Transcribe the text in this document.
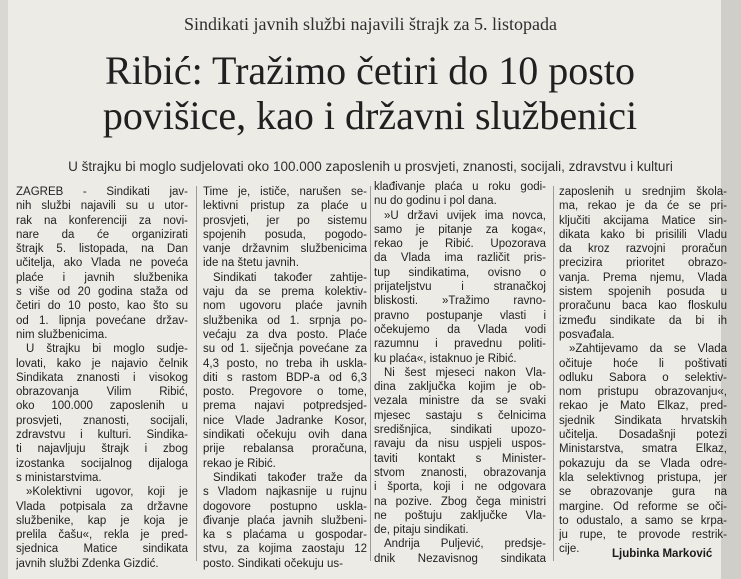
Sindikati javnih službi najavili štrajk za 5. listopada
Ribić: Tražimo četiri do 10 posto
povišice, kao i državni službenici
U štrajku bi moglo sudjelovati oko 100.000 zaposlenih u prosvjeti, znanosti, socijali, zdravstvu i kulturi
ZAGREB - Sindikati jav-
nih službi najavili su u utor-
rak na konferenciji za novi-
nare da će organizirati
štrajk 5. listopada, na Dan
učitelja, ako Vlada ne poveća
plaće i javnih službenika
s više od 20 godina staža od
četiri do 10 posto, kao što su
od 1. lipnja povećane držav-
nim službenicima.
U štrajku bi moglo sudje-
lovati, kako je najavio čelnik
Sindikata znanosti i visokog
obrazovanja Vilim Ribić,
oko 100.000 zaposlenih u
prosvjeti, znanosti, socijali,
zdravstvu i kulturi. Sindika-
ti najavljuju štrajk i zbog
izostanka socijalnog dijaloga
s ministarstvima.
»Kolektivni ugovor, koji je
Vlada potpisala za državne
službenike, kap je koja je
prelila čašu«, rekla je pred-
sjednica Matice sindikata
javnih službi Zdenka Gizdić.
Time je, ističe, narušen se-
lektivni pristup za plaće u
prosvjeti, jer po sistemu
spojenih posuda, pogodo-
vanje državnim službenicima
ide na štetu javnih.
Sindikati također zahtije-
vaju da se prema kolektiv-
nom ugovoru plaće javnih
službenika od 1. srpnja po-
većaju za dva posto. Plaće
su od 1. siječnja povećane za
4,3 posto, no treba ih uskla-
diti s rastom BDP-a od 6,3
posto. Pregovore o tome,
prema najavi potpredsjed-
nice Vlade Jadranke Kosor,
sindikati očekuju ovih dana
prije rebalansa proračuna,
rekao je Ribić.
Sindikati također traže da
s Vladom najkasnije u rujnu
dogovore postupno uskla-
đivanje plaća javnih službeni-
ka s plaćama u gospodar-
stvu, za kojima zaostaju 12
posto. Sindikati očekuju us-
klađivanje plaća u roku godi-
nu do godinu i pol dana.
»U državi uvijek ima novca,
samo je pitanje za koga«,
rekao je Ribić. Upozorava
da Vlada ima različit pris-
tup sindikatima, ovisno o
prijateljstvu i stranačkoj
bliskosti. »Tražimo ravno-
pravno postupanje vlasti i
očekujemo da Vlada vodi
razumnu i pravednu politi-
ku plaća«, istaknuo je Ribić.
Ni šest mjeseci nakon Vla-
dina zaključka kojim je ob-
vezala ministre da se svaki
mjesec sastaju s čelnicima
središnjica, sindikati upozo-
ravaju da nisu uspjeli uspos-
taviti kontakt s Minister-
stvom znanosti, obrazovanja
i športa, koji i ne odgovara
na pozive. Zbog čega ministri
ne poštuju zaključke Vla-
de, pitaju sindikati.
Andrija Puljević, predsje-
dnik Nezavisnog sindikata
zaposlenih u srednjim škola-
ma, rekao je da će se pri-
ključiti akcijama Matice sin-
dikata kako bi prisilili Vladu
da kroz razvojni proračun
precizira prioritet obrazo-
vanja. Prema njemu, Vlada
sistem spojenih posuda u
proračunu baca kao floskulu
između sindikate da bi ih
posvađala.
»Zahtijevamo da se Vlada
očituje hoće li poštivati
odluku Sabora o selektiv-
nom pristupu obrazovanju«,
rekao je Mato Elkaz, pred-
sjednik Sindikata hrvatskih
učitelja. Dosadašnji potezi
Ministarstva, smatra Elkaz,
pokazuju da se Vlada odre-
kla selektivnog pristupa, jer
se obrazovanje gura na
margine. Od reforme se oči-
to odustalo, a samo se krpa-
ju rupe, te provode restrik-
cije.	Ljubinka Marković
